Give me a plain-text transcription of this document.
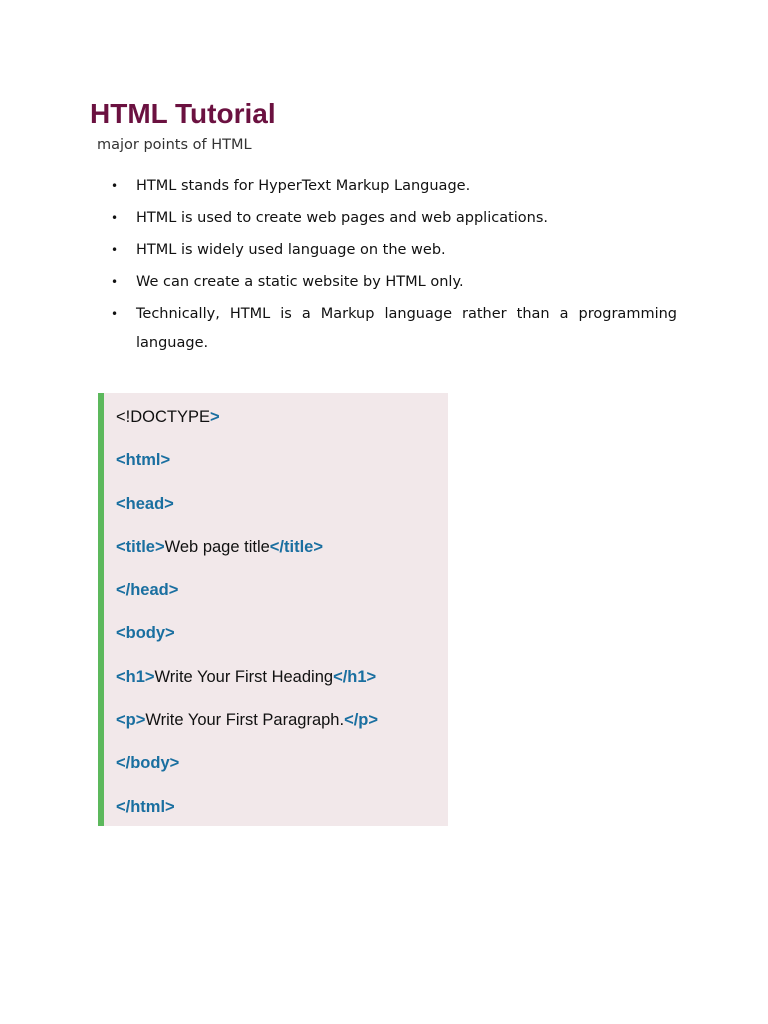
HTML Tutorial

major points of HTML

• HTML stands for HyperText Markup Language.
• HTML is used to create web pages and web applications.
• HTML is widely used language on the web.
• We can create a static website by HTML only.
• Technically, HTML is a Markup language rather than a programming language.
<!DOCTYPE>
<html>
<head>
<title>Web page title</title>
</head>
<body>
<h1>Write Your First Heading</h1>
<p>Write Your First Paragraph.</p>
</body>
</html>
